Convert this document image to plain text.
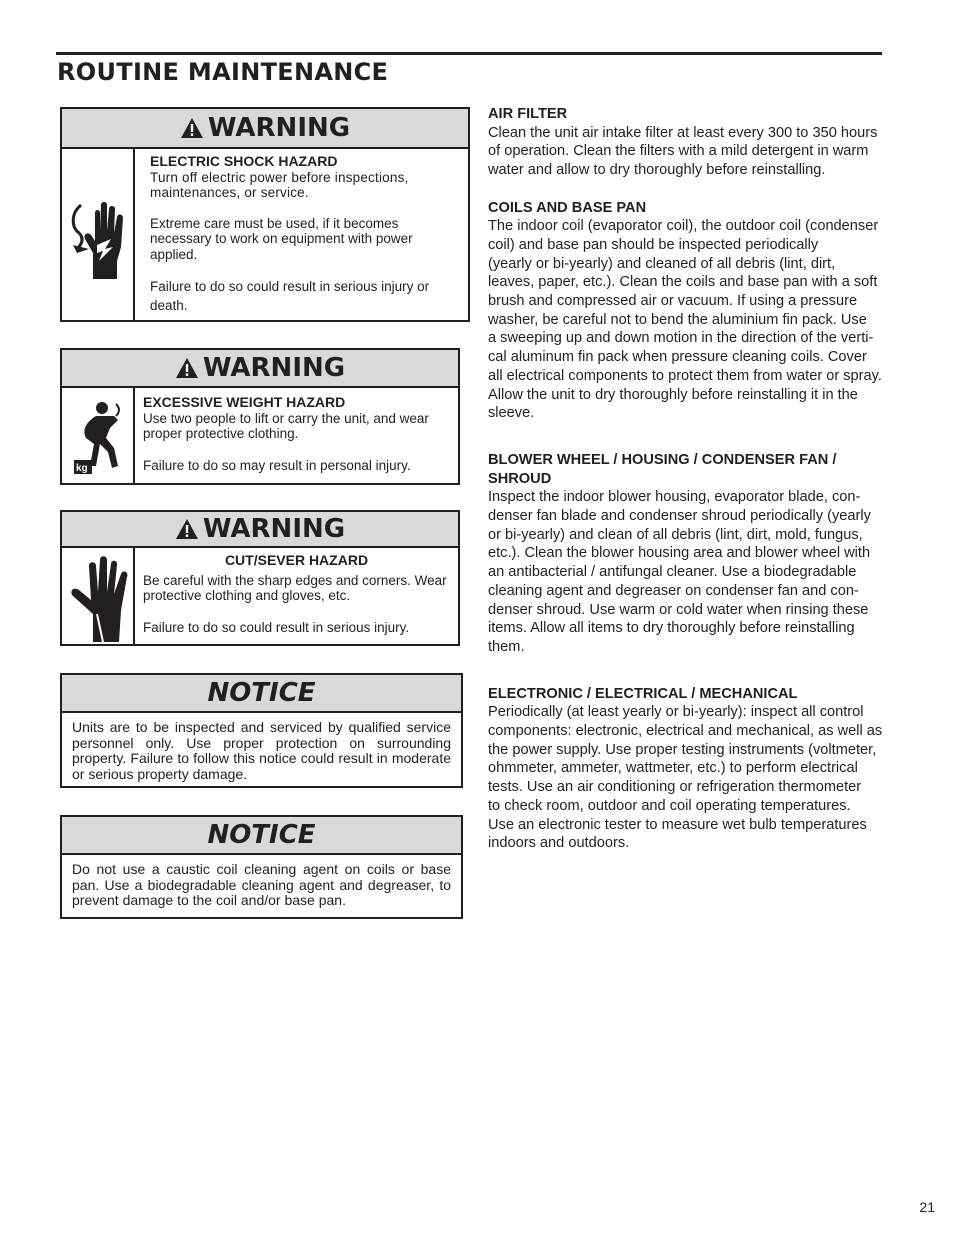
ROUTINE MAINTENANCE
WARNING
ELECTRIC SHOCK HAZARD

Turn off electric power before inspections, maintenances, or service.

Extreme care must be used, if it becomes necessary to work on equipment with power applied.

Failure to do so could result in serious injury or death.

WARNING
kg
EXCESSIVE WEIGHT HAZARD

Use two people to lift or carry the unit, and wear proper protective clothing.

Failure to do so may result in personal injury.

WARNING
CUT/SEVER HAZARD

Be careful with the sharp edges and corners. Wear protective clothing and gloves, etc.

Failure to do so could result in serious injury.

NOTICE
Units are to be inspected and serviced by qualified service personnel only. Use proper protection on surrounding property. Failure to follow this notice could result in moderate or serious property damage.
NOTICE
Do not use a caustic coil cleaning agent on coils or base pan. Use a biodegradable cleaning agent and degreaser, to prevent damage to the coil and/or base pan.
AIR FILTER

Clean the unit air intake filter at least every 300 to 350 hours
of operation. Clean the filters with a mild detergent in warm
water and allow to dry thoroughly before reinstalling.

COILS AND BASE PAN

The indoor coil (evaporator coil), the outdoor coil (condenser
coil) and base pan should be inspected periodically
(yearly or bi-yearly) and cleaned of all debris (lint, dirt,
leaves, paper, etc.). Clean the coils and base pan with a soft
brush and compressed air or vacuum. If using a pressure
washer, be careful not to bend the aluminium fin pack. Use
a sweeping up and down motion in the direction of the verti-
cal aluminum fin pack when pressure cleaning coils. Cover
all electrical components to protect them from water or spray.
Allow the unit to dry thoroughly before reinstalling it in the
sleeve.

BLOWER WHEEL / HOUSING / CONDENSER FAN / SHROUD

Inspect the indoor blower housing, evaporator blade, con-
denser fan blade and condenser shroud periodically (yearly
or bi-yearly) and clean of all debris (lint, dirt, mold, fungus,
etc.). Clean the blower housing area and blower wheel with
an antibacterial / antifungal cleaner. Use a biodegradable
cleaning agent and degreaser on condenser fan and con-
denser shroud. Use warm or cold water when rinsing these
items. Allow all items to dry thoroughly before reinstalling
them.

ELECTRONIC / ELECTRICAL / MECHANICAL

Periodically (at least yearly or bi-yearly): inspect all control
components: electronic, electrical and mechanical, as well as
the power supply. Use proper testing instruments (voltmeter,
ohmmeter, ammeter, wattmeter, etc.) to perform electrical
tests. Use an air conditioning or refrigeration thermometer
to check room, outdoor and coil operating temperatures.
Use an electronic tester to measure wet bulb temperatures
indoors and outdoors.

21
